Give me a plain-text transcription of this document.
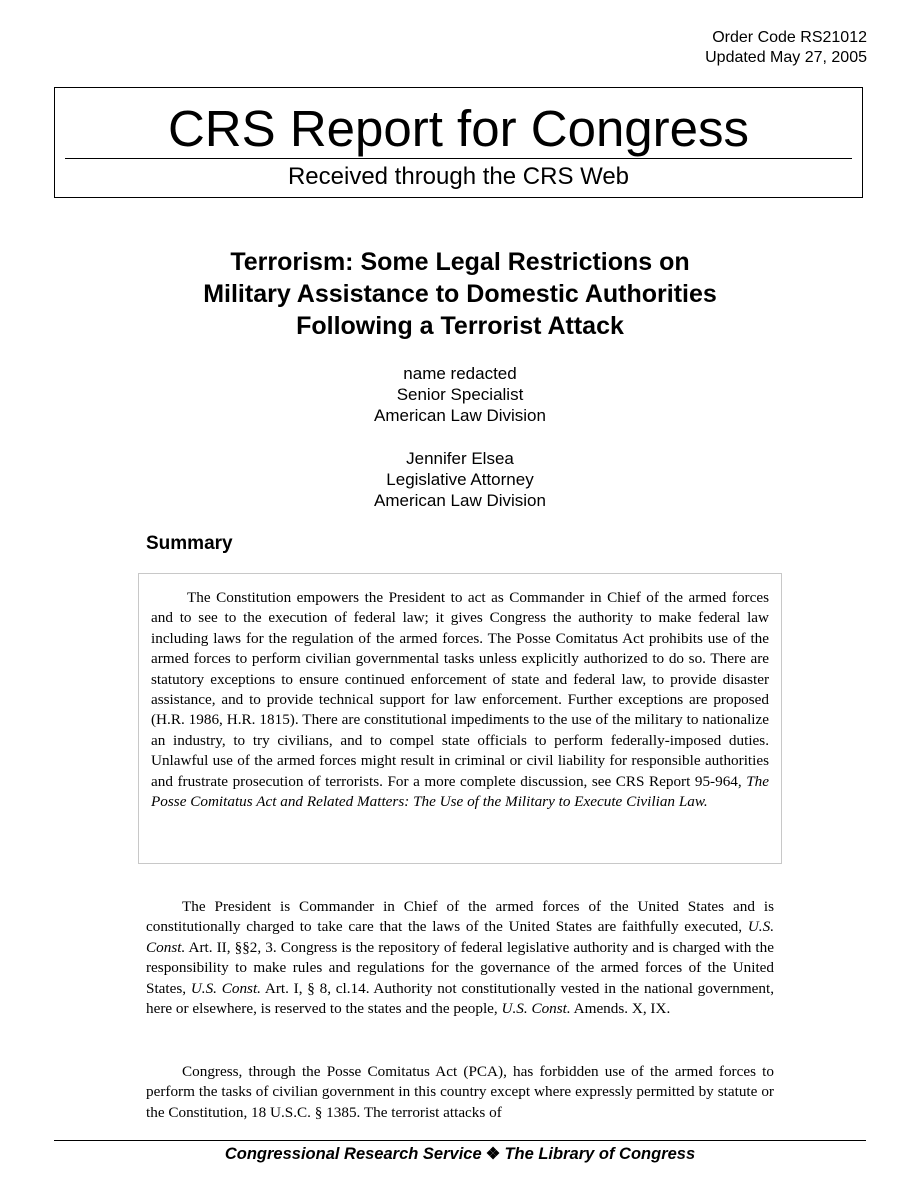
Order Code RS21012
Updated May 27, 2005
CRS Report for Congress
Received through the CRS Web
Terrorism: Some Legal Restrictions on
Military Assistance to Domestic Authorities
Following a Terrorist Attack
name redacted
Senior Specialist
American Law Division
Jennifer Elsea
Legislative Attorney
American Law Division
Summary

The Constitution empowers the President to act as Commander in Chief of the armed forces and to see to the execution of federal law; it gives Congress the authority to make federal law including laws for the regulation of the armed forces. The Posse Comitatus Act prohibits use of the armed forces to perform civilian governmental tasks unless explicitly authorized to do so. There are statutory exceptions to ensure continued enforcement of state and federal law, to provide disaster assistance, and to provide technical support for law enforcement. Further exceptions are proposed (H.R. 1986, H.R. 1815). There are constitutional impediments to the use of the military to nationalize an industry, to try civilians, and to compel state officials to perform federally-imposed duties. Unlawful use of the armed forces might result in criminal or civil liability for responsible authorities and frustrate prosecution of terrorists. For a more complete discussion, see CRS Report 95-964, The Posse Comitatus Act and Related Matters: The Use of the Military to Execute Civilian Law.

The President is Commander in Chief of the armed forces of the United States and is constitutionally charged to take care that the laws of the United States are faithfully executed, U.S. Const. Art. II, §§2, 3. Congress is the repository of federal legislative authority and is charged with the responsibility to make rules and regulations for the governance of the armed forces of the United States, U.S. Const. Art. I, § 8, cl.14. Authority not constitutionally vested in the national government, here or elsewhere, is reserved to the states and the people, U.S. Const. Amends. X, IX.

Congress, through the Posse Comitatus Act (PCA), has forbidden use of the armed forces to perform the tasks of civilian government in this country except where expressly permitted by statute or the Constitution, 18 U.S.C. § 1385. The terrorist attacks of

Congressional Research Service ❖ The Library of Congress
